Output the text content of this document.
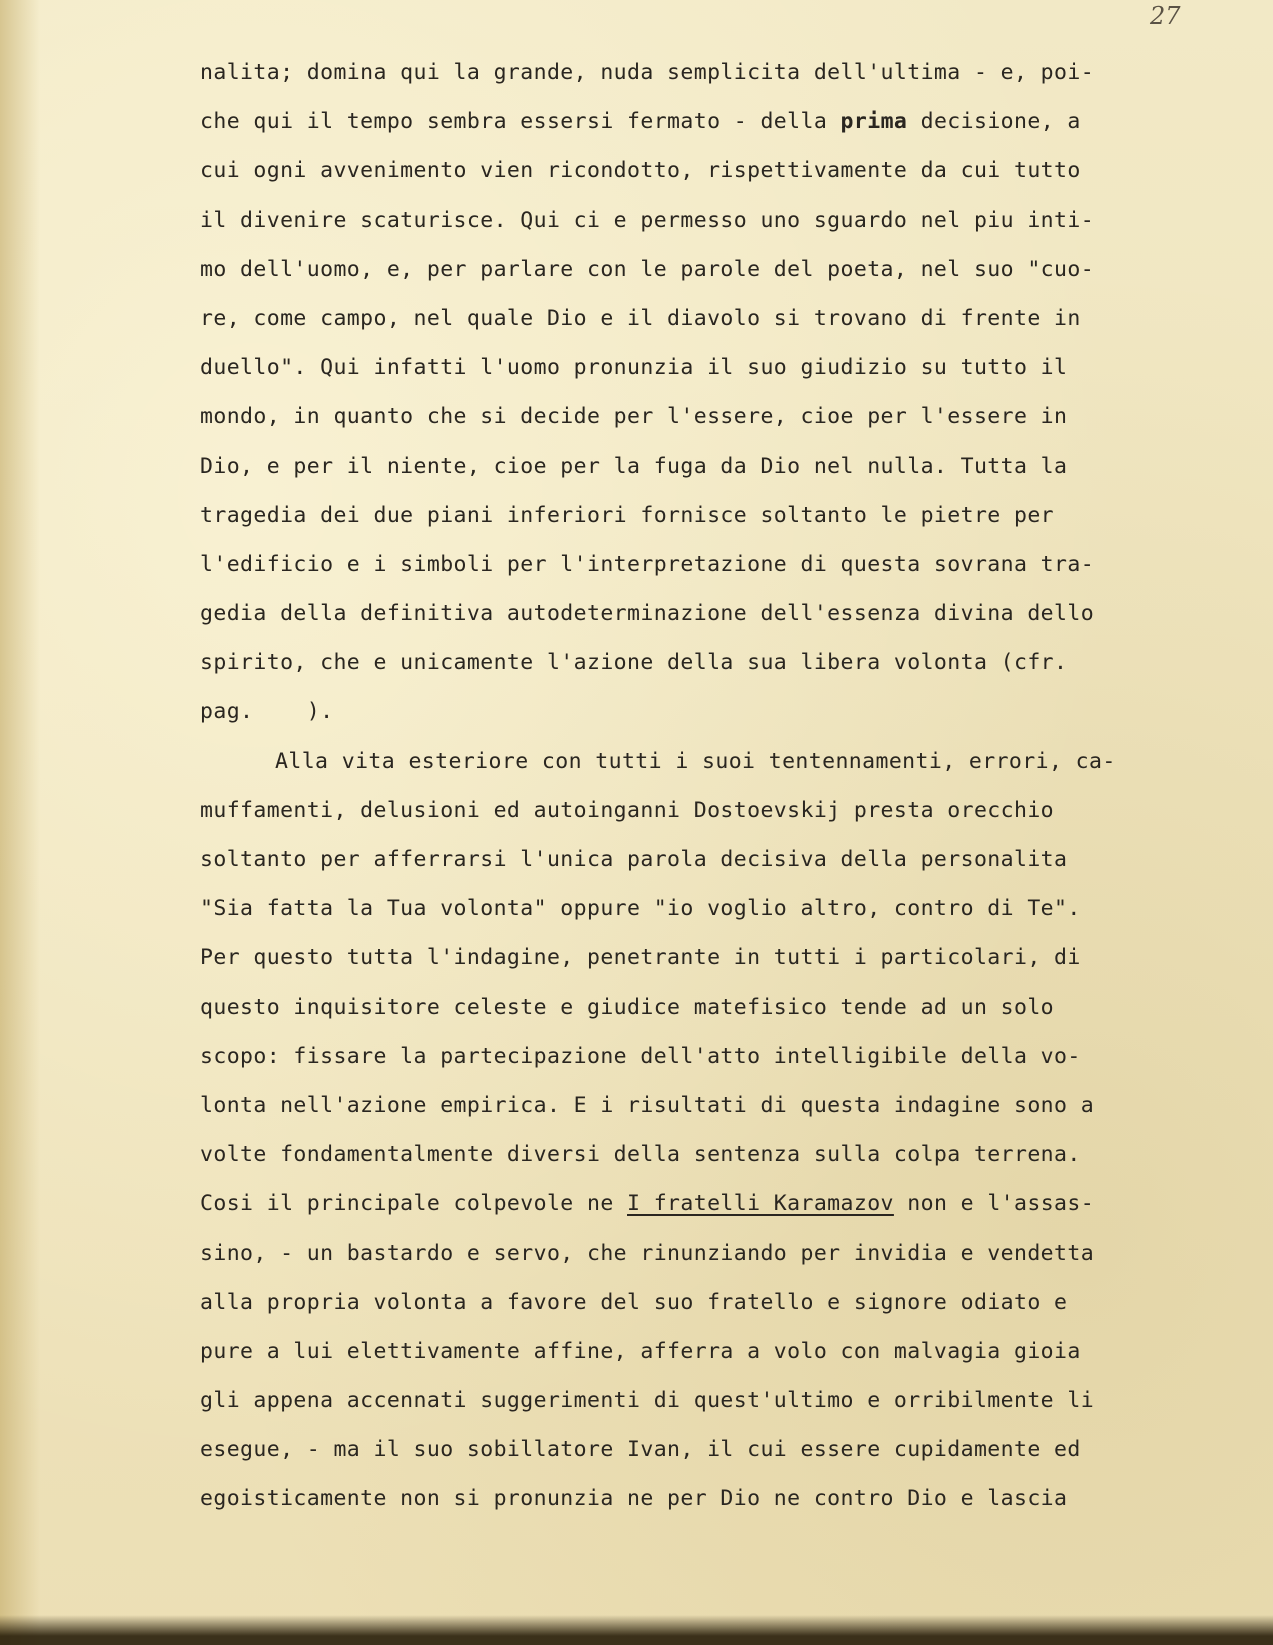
27
nalita; domina qui la grande, nuda semplicita dell'ultima - e, poi-
che qui il tempo sembra essersi fermato - della prima decisione, a
cui ogni avvenimento vien ricondotto, rispettivamente da cui tutto
il divenire scaturisce. Qui ci e permesso uno sguardo nel piu inti-
mo dell'uomo, e, per parlare con le parole del poeta, nel suo "cuo-
re, come campo, nel quale Dio e il diavolo si trovano di frente in
duello". Qui infatti l'uomo pronunzia il suo giudizio su tutto il
mondo, in quanto che si decide per l'essere, cioe per l'essere in
Dio, e per il niente, cioe per la fuga da Dio nel nulla. Tutta la
tragedia dei due piani inferiori fornisce soltanto le pietre per
l'edificio e i simboli per l'interpretazione di questa sovrana tra-
gedia della definitiva autodeterminazione dell'essenza divina dello
spirito, che e unicamente l'azione della sua libera volonta (cfr.
pag.    ).
Alla vita esteriore con tutti i suoi tentennamenti, errori, ca-
muffamenti, delusioni ed autoinganni Dostoevskij presta orecchio
soltanto per afferrarsi l'unica parola decisiva della personalita
"Sia fatta la Tua volonta" oppure "io voglio altro, contro di Te".
Per questo tutta l'indagine, penetrante in tutti i particolari, di
questo inquisitore celeste e giudice matefisico tende ad un solo
scopo: fissare la partecipazione dell'atto intelligibile della vo-
lonta nell'azione empirica. E i risultati di questa indagine sono a
volte fondamentalmente diversi della sentenza sulla colpa terrena.
Cosi il principale colpevole ne I fratelli Karamazov non e l'assas-
sino, - un bastardo e servo, che rinunziando per invidia e vendetta
alla propria volonta a favore del suo fratello e signore odiato e
pure a lui elettivamente affine, afferra a volo con malvagia gioia
gli appena accennati suggerimenti di quest'ultimo e orribilmente li
esegue, - ma il suo sobillatore Ivan, il cui essere cupidamente ed
egoisticamente non si pronunzia ne per Dio ne contro Dio e lascia
